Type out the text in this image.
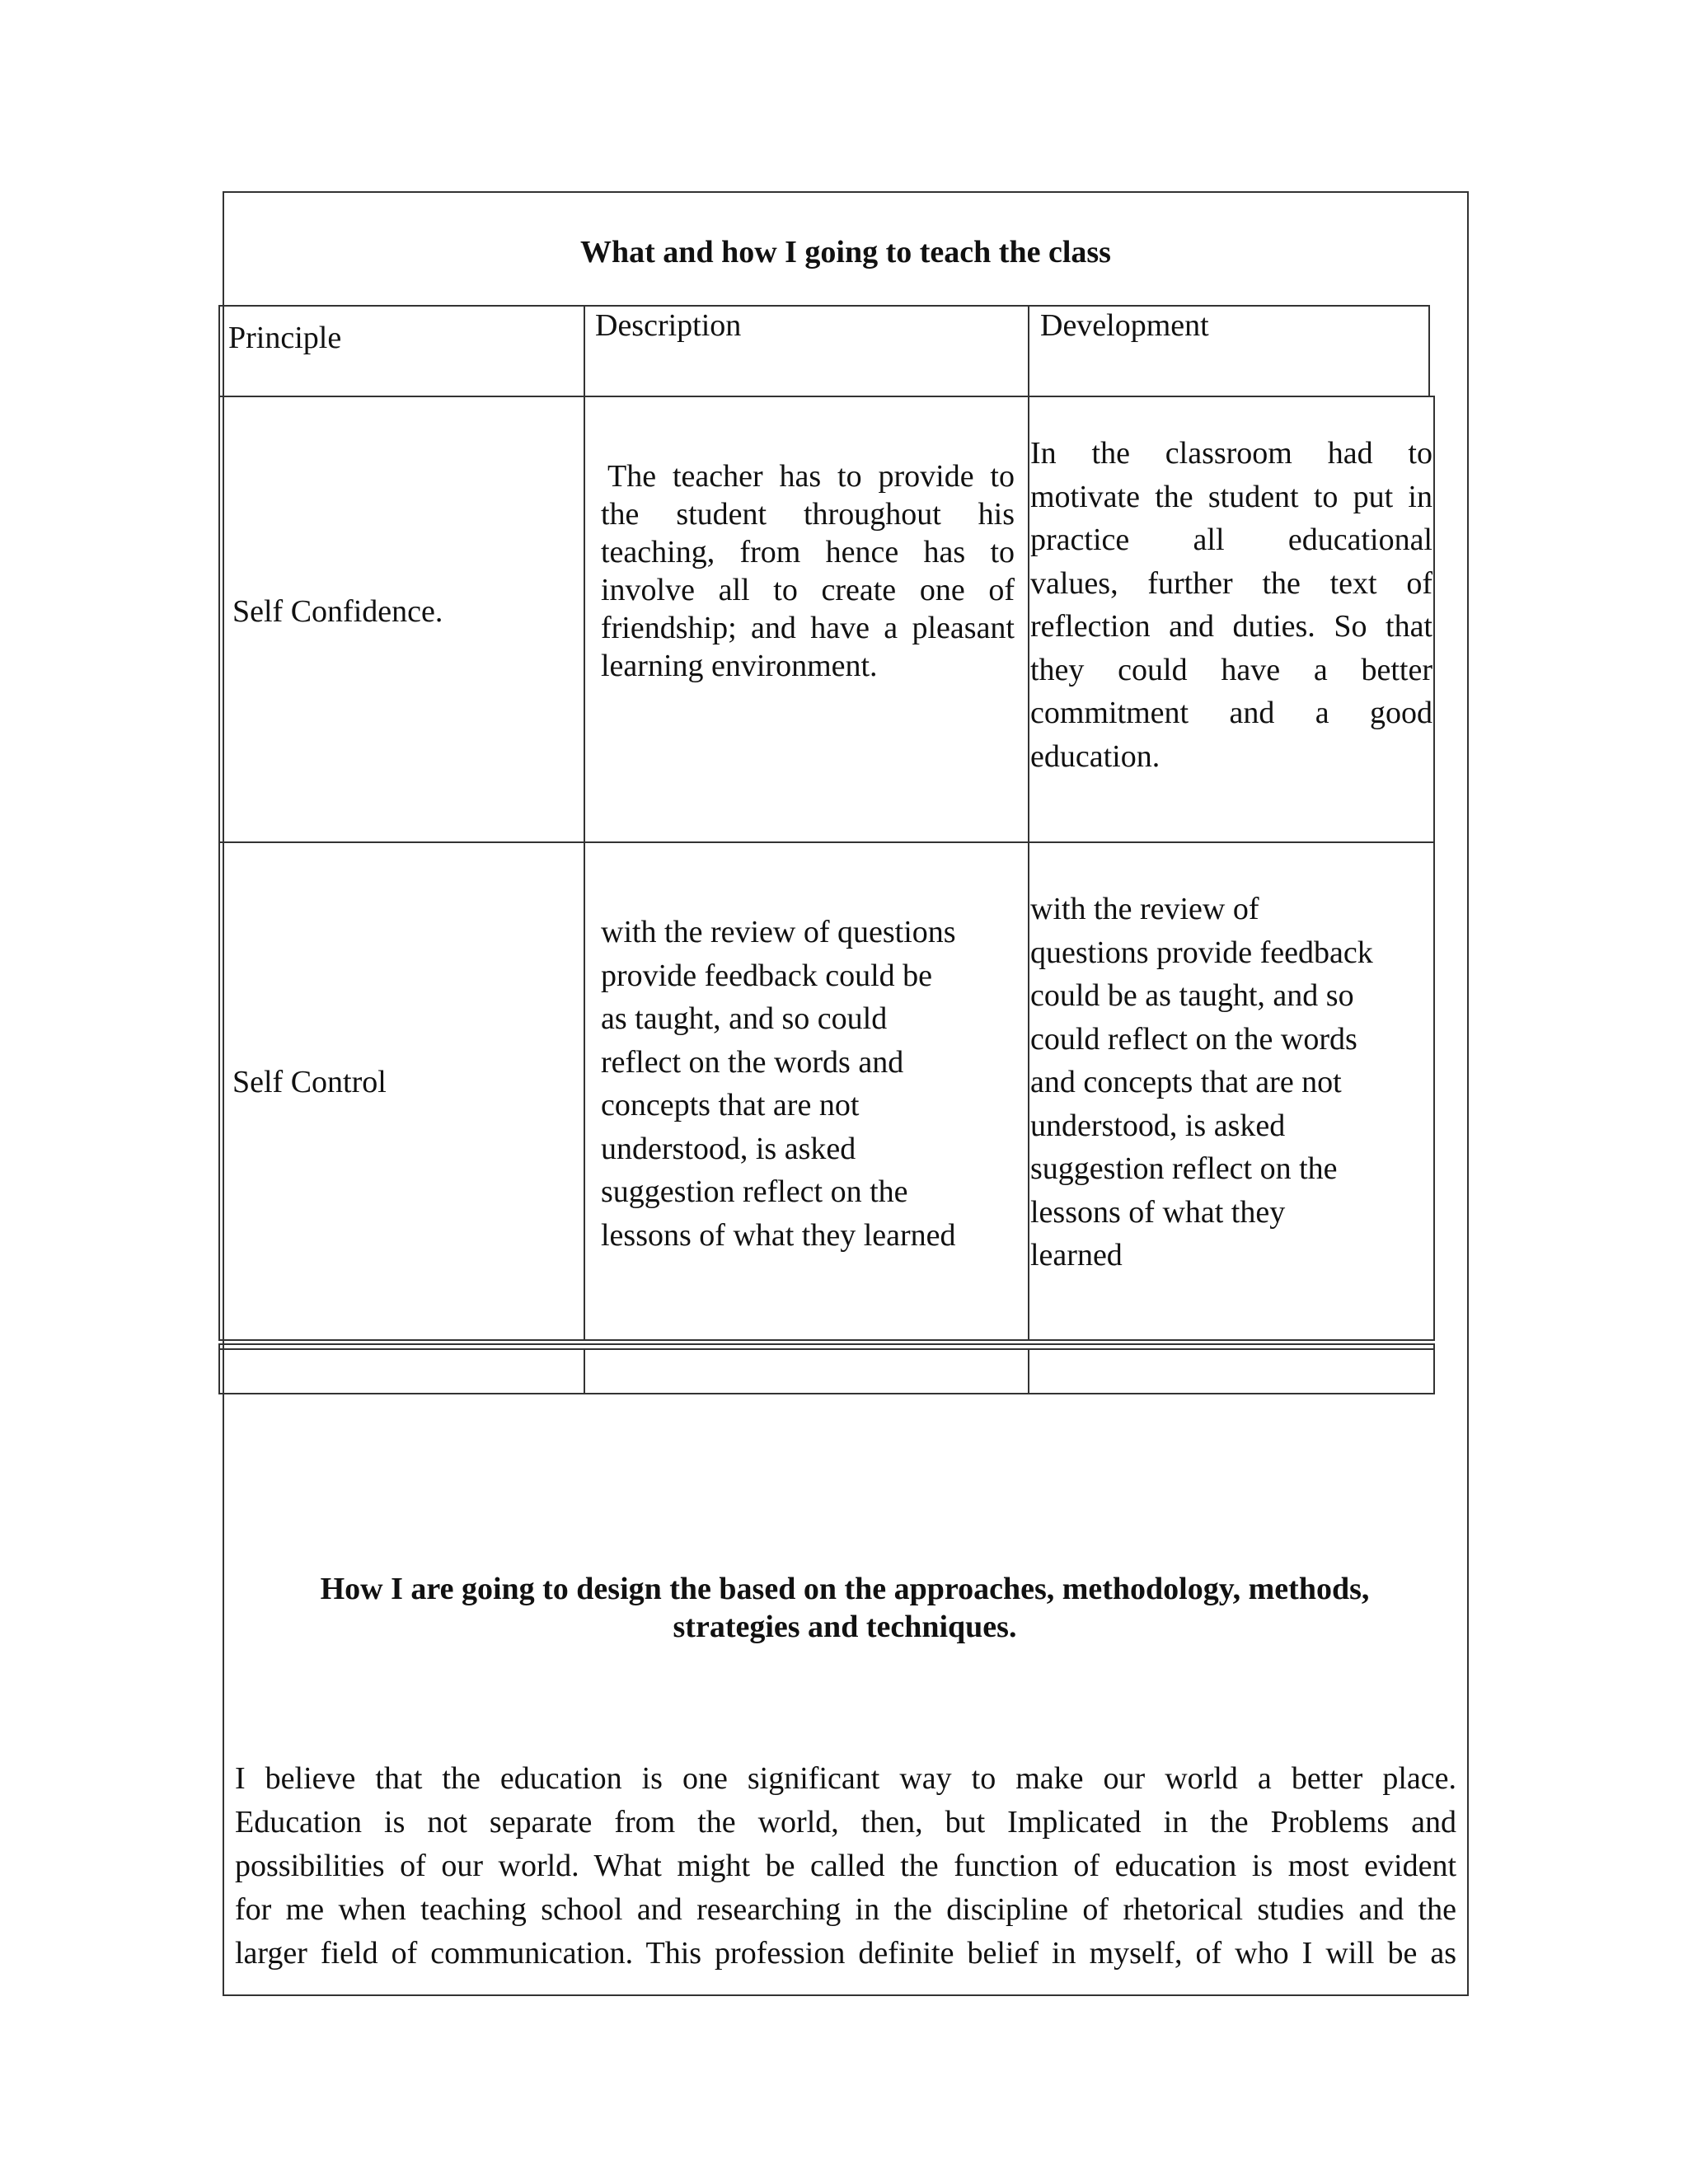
What and how I going to teach the class
Principle	Description	Development
Self Confidence.
The teacher has to provide to
the student throughout his
teaching, from hence has to
involve all to create one of
friendship; and have a pleasant
learning environment.
In the classroom had to
motivate the student to put in
practice all educational
values, further the text of
reflection and duties. So that
they could have a better
commitment and a good
education.
Self Control
with the review of questions
provide feedback could be
as taught, and so could
reflect on the words and
concepts that are not
understood, is asked
suggestion reflect on the
lessons of what they learned
with the review of
questions provide feedback
could be as taught, and so
could reflect on the words
and concepts that are not
understood, is asked
suggestion reflect on the
lessons of what they
learned
How I are going to design the based on the approaches, methodology, methods,
strategies and techniques.
I believe that the education is one significant way to make our world a better place.
Education is not separate from the world, then, but Implicated in the Problems and
possibilities of our world. What might be called the function of education is most evident
for me when teaching school and researching in the discipline of rhetorical studies and the
larger field of communication. This profession definite belief in myself, of who I will be as
